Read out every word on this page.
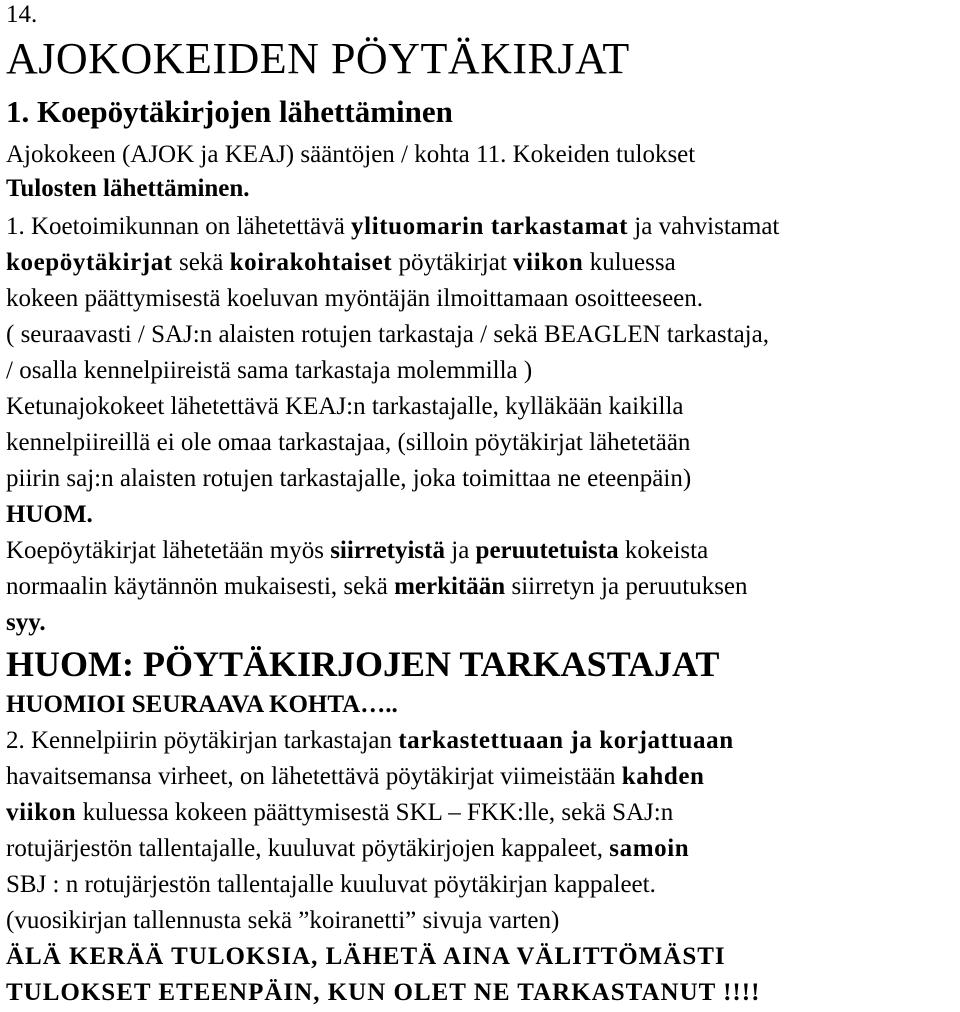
14.
AJOKOKEIDEN PÖYTÄKIRJAT
1. Koepöytäkirjojen lähettäminen
Ajokokeen (AJOK ja KEAJ) sääntöjen / kohta 11. Kokeiden tulokset
Tulosten lähettäminen.
1. Koetoimikunnan on lähetettävä ylituomarin tarkastamat ja vahvistamat
koepöytäkirjat sekä koirakohtaiset pöytäkirjat viikon kuluessa
kokeen päättymisestä koeluvan myöntäjän ilmoittamaan osoitteeseen.
( seuraavasti / SAJ:n alaisten rotujen tarkastaja / sekä BEAGLEN tarkastaja,
/ osalla kennelpiireistä sama tarkastaja molemmilla )
Ketunajokokeet lähetettävä KEAJ:n tarkastajalle, kylläkään kaikilla
kennelpiireillä ei ole omaa tarkastajaa, (silloin pöytäkirjat lähetetään
piirin saj:n alaisten rotujen tarkastajalle, joka toimittaa ne eteenpäin)
HUOM.
Koepöytäkirjat lähetetään myös siirretyistä ja peruutetuista kokeista
normaalin käytännön mukaisesti, sekä merkitään siirretyn ja peruutuksen
syy.
HUOM: PÖYTÄKIRJOJEN TARKASTAJAT
HUOMIOI SEURAAVA KOHTA…..
2. Kennelpiirin pöytäkirjan tarkastajan tarkastettuaan ja korjattuaan
havaitsemansa virheet, on lähetettävä pöytäkirjat viimeistään kahden
viikon kuluessa kokeen päättymisestä SKL – FKK:lle, sekä SAJ:n
rotujärjestön tallentajalle, kuuluvat pöytäkirjojen kappaleet, samoin
SBJ : n rotujärjestön tallentajalle kuuluvat pöytäkirjan kappaleet.
(vuosikirjan tallennusta sekä ”koiranetti” sivuja varten)
ÄLÄ KERÄÄ TULOKSIA, LÄHETÄ AINA VÄLITTÖMÄSTI
TULOKSET ETEENPÄIN, KUN OLET NE TARKASTANUT !!!!
